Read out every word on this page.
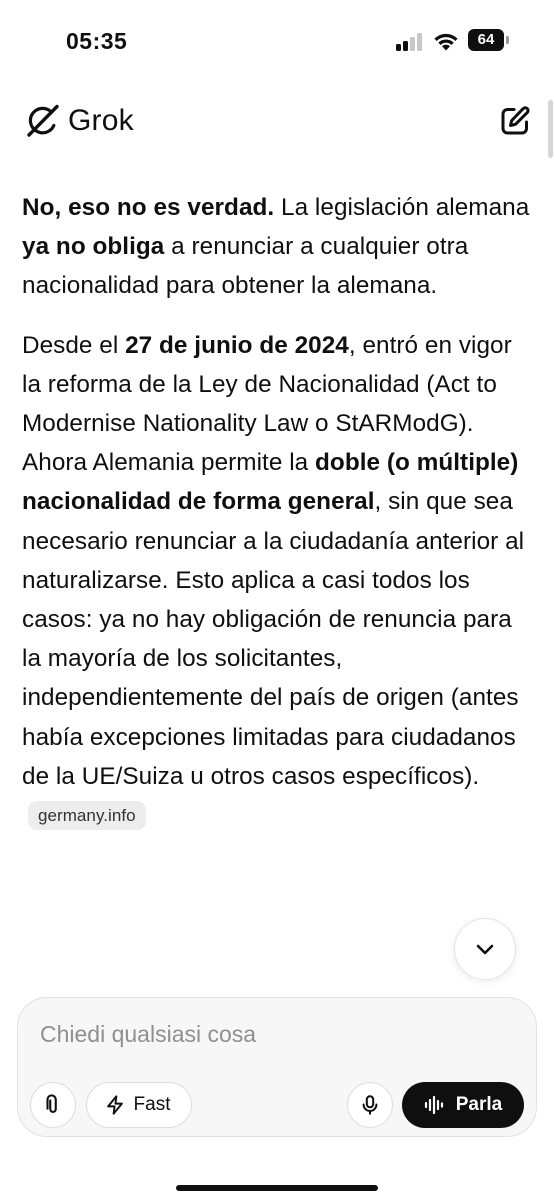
05:35	64
Grok

No, eso no es verdad. La legislación alemana ya no obliga a renunciar a cualquier otra nacionalidad para obtener la alemana.

Desde el 27 de junio de 2024, entró en vigor la reforma de la Ley de Nacionalidad (Act to Modernise Nationality Law o StARModG). Ahora Alemania permite la doble (o múltiple) nacionalidad de forma general, sin que sea necesario renunciar a la ciudadanía anterior al naturalizarse. Esto aplica a casi todos los casos: ya no hay obligación de renuncia para la mayoría de los solicitantes, independientemente del país de origen (antes había excepciones limitadas para ciudadanos de la UE/Suiza u otros casos específicos).germany.info

Chiedi qualsiasi cosa
Fast	Parla
